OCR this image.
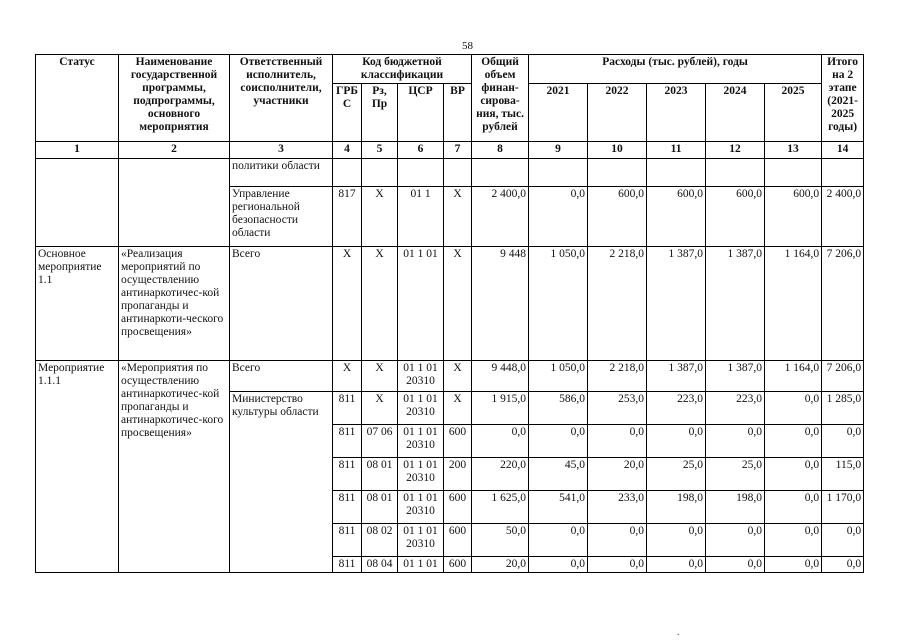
58
Статус	Наименование государственной программы, подпрограммы, основного мероприятия	Ответственный исполнитель, соисполнители, участники	Код бюджетной классификации				Общий объем финан-сирова-ния, тыс. рублей	Расходы (тыс. рублей), годы					Итого на 2 этапе (2021-2025 годы)
			ГРБ С	Рз, Пр	ЦСР	ВР		2021	2022	2023	2024	2025	
1	2	3	4	5	6	7	8	9	10	11	12	13	14
		политики области											
		Управление региональной безопасности области	817	Х	01 1	Х	2 400,0	0,0	600,0	600,0	600,0	600,0	2 400,0
Основное мероприятие 1.1	«Реализация мероприятий по осуществлению антинаркотичес-кой пропаганды и антинаркоти-ческого просвещения»	Всего	Х	Х	01 1 01	Х	9 448	1 050,0	2 218,0	1 387,0	1 387,0	1 164,0	7 206,0
Мероприятие 1.1.1	«Мероприятия по осуществлению антинаркотичес-кой пропаганды и антинаркотичес-кого просвещения»	Всего	Х	Х	01 1 01 20310	Х	9 448,0	1 050,0	2 218,0	1 387,0	1 387,0	1 164,0	7 206,0
		Министерство культуры области	811	Х	01 1 01 20310	Х	1 915,0	586,0	253,0	223,0	223,0	0,0	1 285,0
			811	07 06	01 1 01 20310	600	0,0	0,0	0,0	0,0	0,0	0,0	0,0
			811	08 01	01 1 01 20310	200	220,0	45,0	20,0	25,0	25,0	0,0	115,0
			811	08 01	01 1 01 20310	600	1 625,0	541,0	233,0	198,0	198,0	0,0	1 170,0
			811	08 02	01 1 01 20310	600	50,0	0,0	0,0	0,0	0,0	0,0	0,0
			811	08 04	01 1 01	600	20,0	0,0	0,0	0,0	0,0	0,0	0,0
.
